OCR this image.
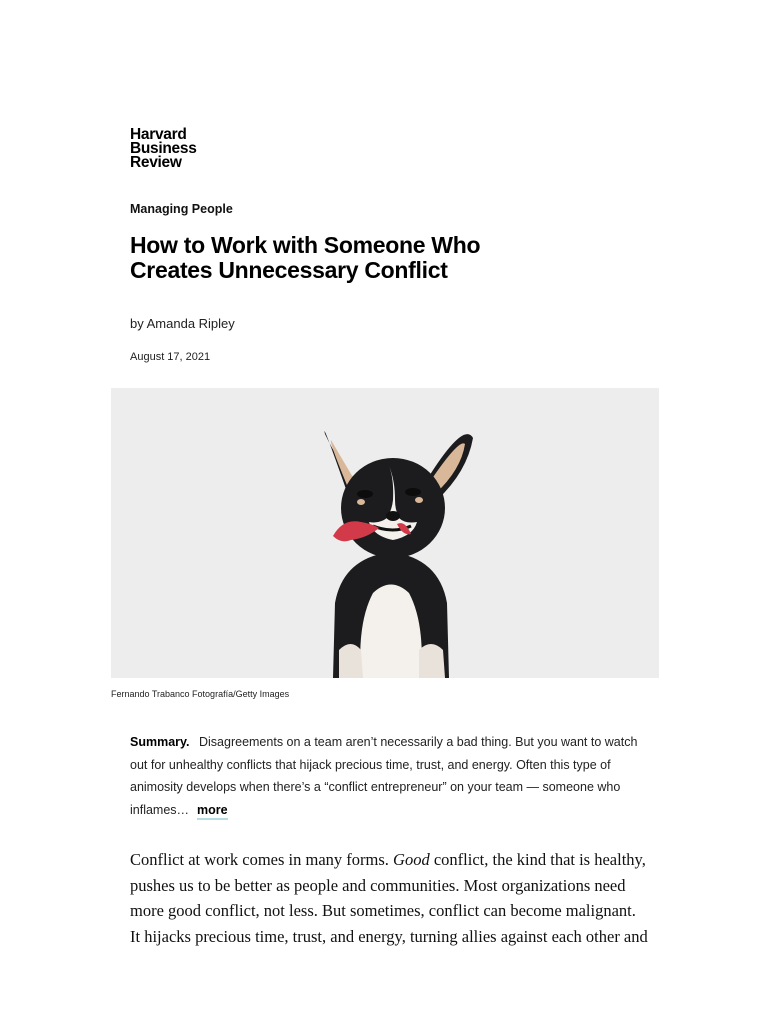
Harvard
Business
Review
Managing People
How to Work with Someone Who Creates Unnecessary Conflict
by Amanda Ripley
August 17, 2021
Fernando Trabanco Fotografía/Getty Images

Summary. Disagreements on a team aren’t necessarily a bad thing. But you want to watch out for unhealthy conflicts that hijack precious time, trust, and energy. Often this type of animosity develops when there’s a “conflict entrepreneur” on your team — someone who inflames… more

Conflict at work comes in many forms. Good conflict, the kind that is healthy, pushes us to be better as people and communities. Most organizations need more good conflict, not less. But sometimes, conflict can become malignant. It hijacks precious time, trust, and energy, turning allies against each other and
